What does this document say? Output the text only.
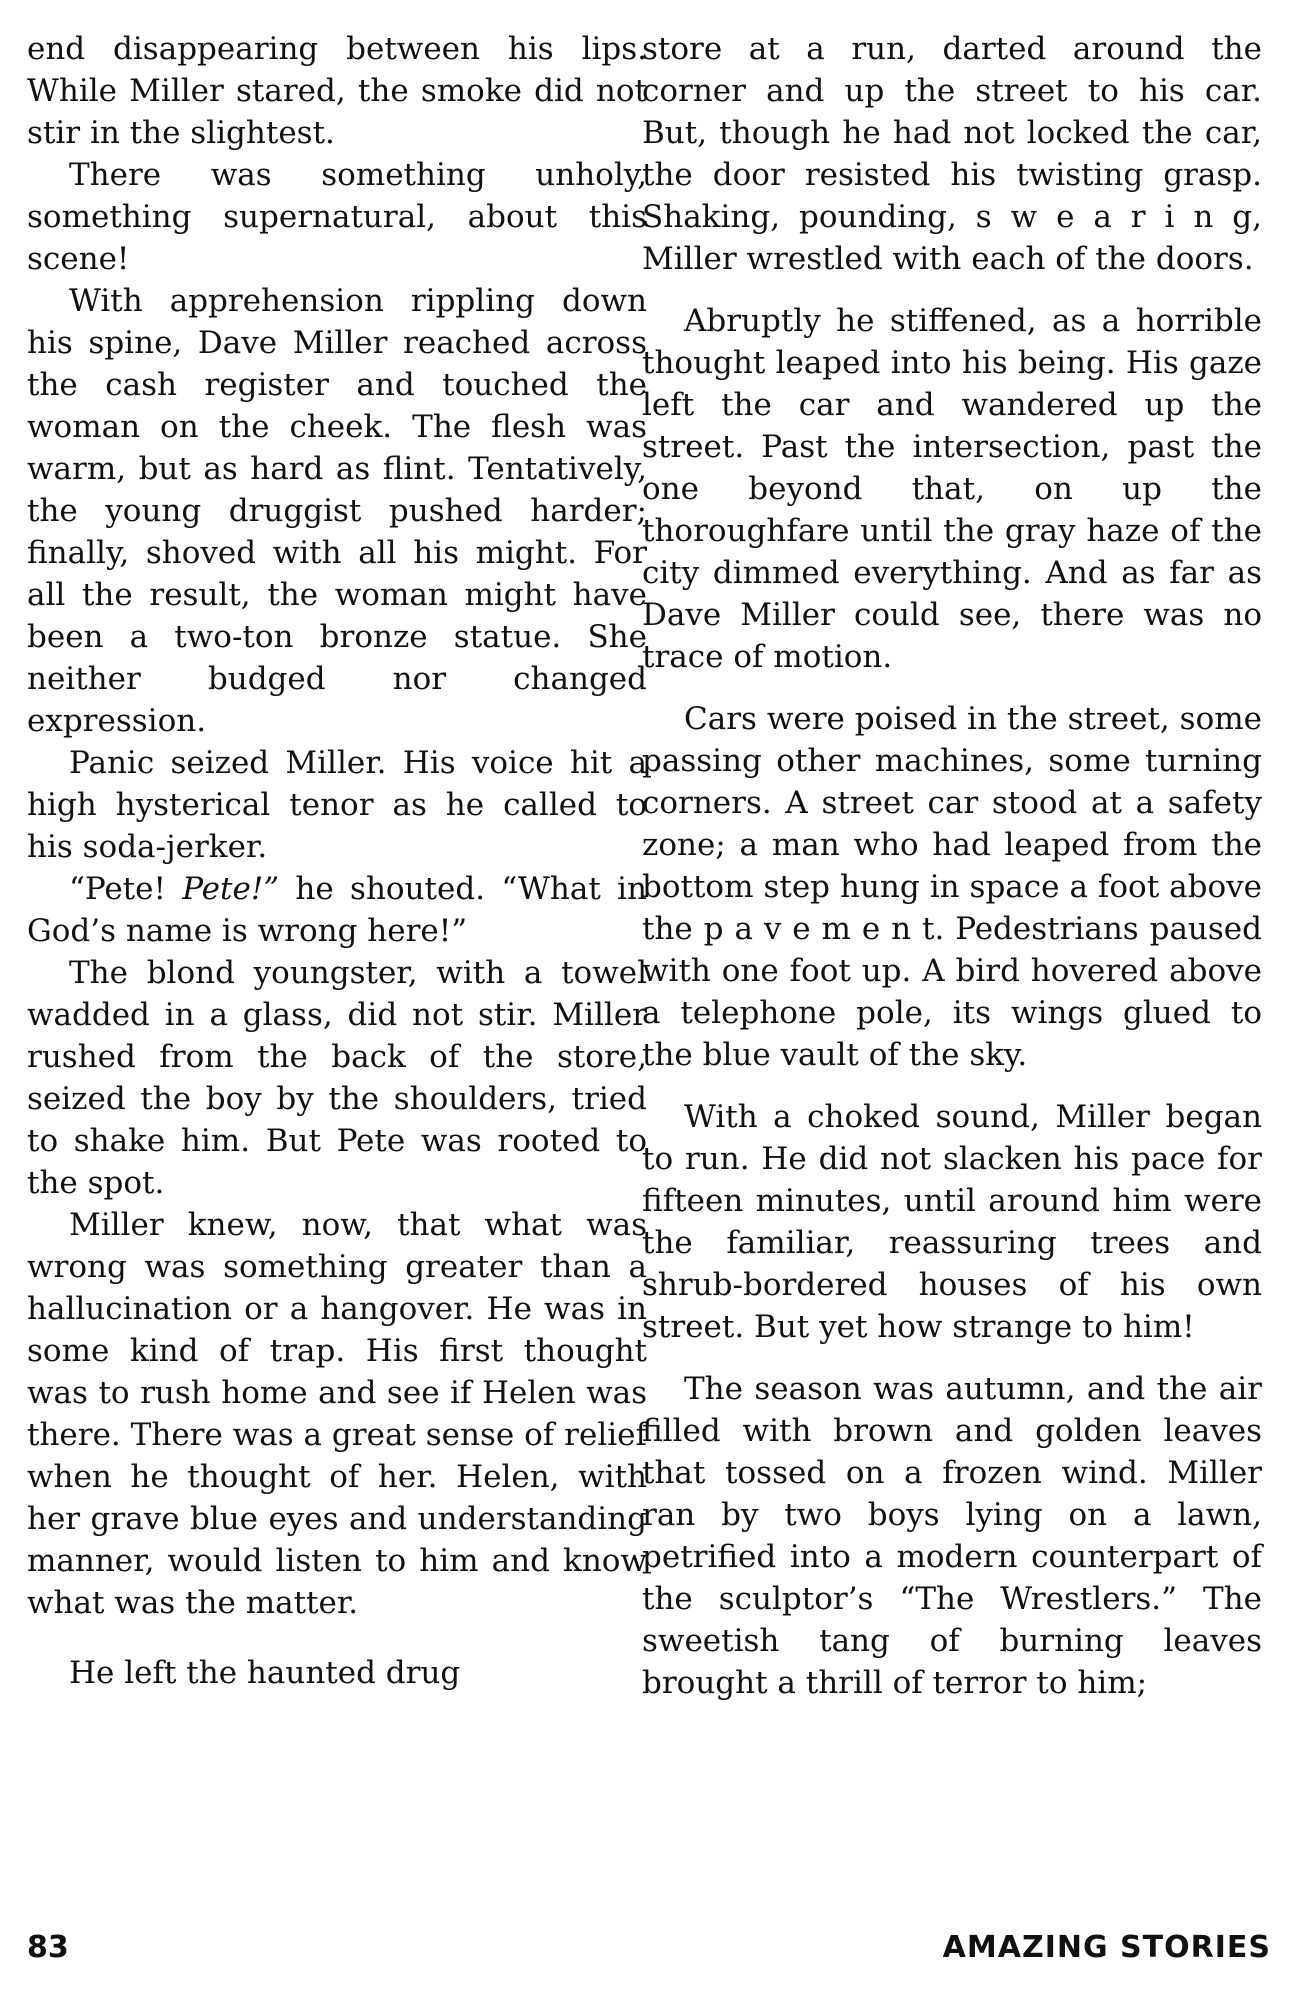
end disappearing between his lips. While Miller stared, the smoke did not stir in the slightest.

There was something unholy, something supernatural, about this scene!

With apprehension rippling down his spine, Dave Miller reached across the cash register and touched the woman on the cheek. The flesh was warm, but as hard as flint. Tentatively, the young druggist pushed harder; finally, shoved with all his might. For all the result, the woman might have been a two-ton bronze statue. She neither budged nor changed expression.

Panic seized Miller. His voice hit a high hysterical tenor as he called to his soda-jerker.

“Pete! Pete!” he shouted. “What in God’s name is wrong here!”

The blond youngster, with a towel wadded in a glass, did not stir. Miller rushed from the back of the store, seized the boy by the shoulders, tried to shake him. But Pete was rooted to the spot.

Miller knew, now, that what was wrong was something greater than a hallucination or a hangover. He was in some kind of trap. His first thought was to rush home and see if Helen was there. There was a great sense of relief when he thought of her. Helen, with her grave blue eyes and understanding manner, would listen to him and know what was the matter.

He left the haunted drug

store at a run, darted around the corner and up the street to his car. But, though he had not locked the car, the door resisted his twisting grasp. Shaking, pounding, s w e a r i n g, Miller wrestled with each of the doors.

Abruptly he stiffened, as a horrible thought leaped into his being. His gaze left the car and wandered up the street. Past the intersection, past the one beyond that, on up the thoroughfare until the gray haze of the city dimmed everything. And as far as Dave Miller could see, there was no trace of motion.

Cars were poised in the street, some passing other machines, some turning corners. A street car stood at a safety zone; a man who had leaped from the bottom step hung in space a foot above the p a v e m e n t. Pedestrians paused with one foot up. A bird hovered above a telephone pole, its wings glued to the blue vault of the sky.

With a choked sound, Miller began to run. He did not slacken his pace for fifteen minutes, until around him were the familiar, reassuring trees and shrub-bordered houses of his own street. But yet how strange to him!

The season was autumn, and the air filled with brown and golden leaves that tossed on a frozen wind. Miller ran by two boys lying on a lawn, petrified into a modern counterpart of the sculptor’s “The Wrestlers.” The sweetish tang of burning leaves brought a thrill of terror to him;

83	AMAZING STORIES
